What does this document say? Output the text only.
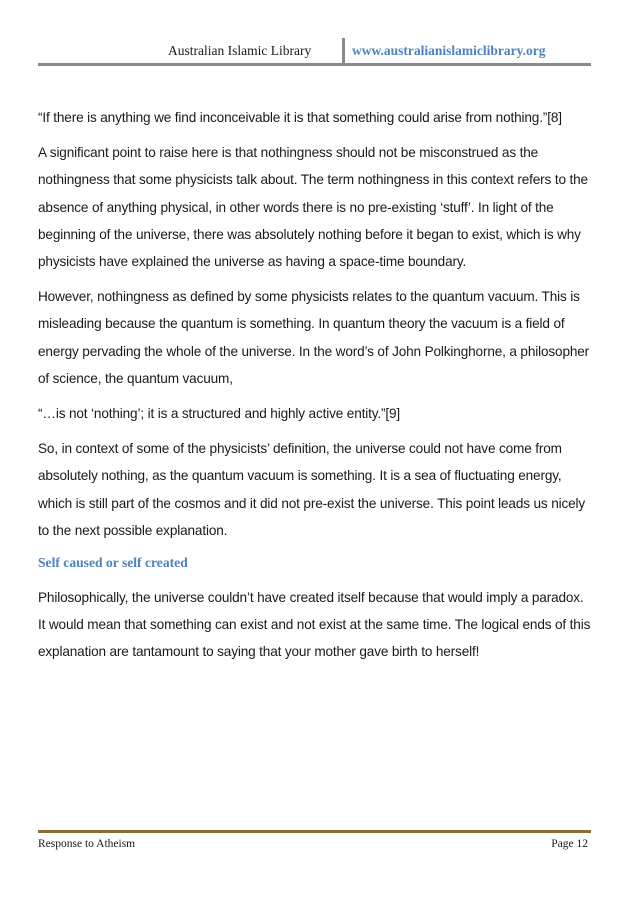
Australian Islamic Library	www.australianislamiclibrary.org

“If there is anything we find inconceivable it is that something could arise from nothing.”[8]

A significant point to raise here is that nothingness should not be misconstrued as the nothingness that some physicists talk about. The term nothingness in this context refers to the absence of anything physical, in other words there is no pre-existing ‘stuff’. In light of the beginning of the universe, there was absolutely nothing before it began to exist, which is why physicists have explained the universe as having a space-time boundary.

However, nothingness as defined by some physicists relates to the quantum vacuum. This is misleading because the quantum is something. In quantum theory the vacuum is a field of energy pervading the whole of the universe. In the word’s of John Polkinghorne, a philosopher of science, the quantum vacuum,

“…is not ‘nothing’; it is a structured and highly active entity.”[9]

So, in context of some of the physicists’ definition, the universe could not have come from absolutely nothing, as the quantum vacuum is something. It is a sea of fluctuating energy, which is still part of the cosmos and it did not pre-exist the universe. This point leads us nicely to the next possible explanation.

Self caused or self created

Philosophically, the universe couldn’t have created itself because that would imply a paradox. It would mean that something can exist and not exist at the same time. The logical ends of this explanation are tantamount to saying that your mother gave birth to herself!

Response to Atheism	Page 12
